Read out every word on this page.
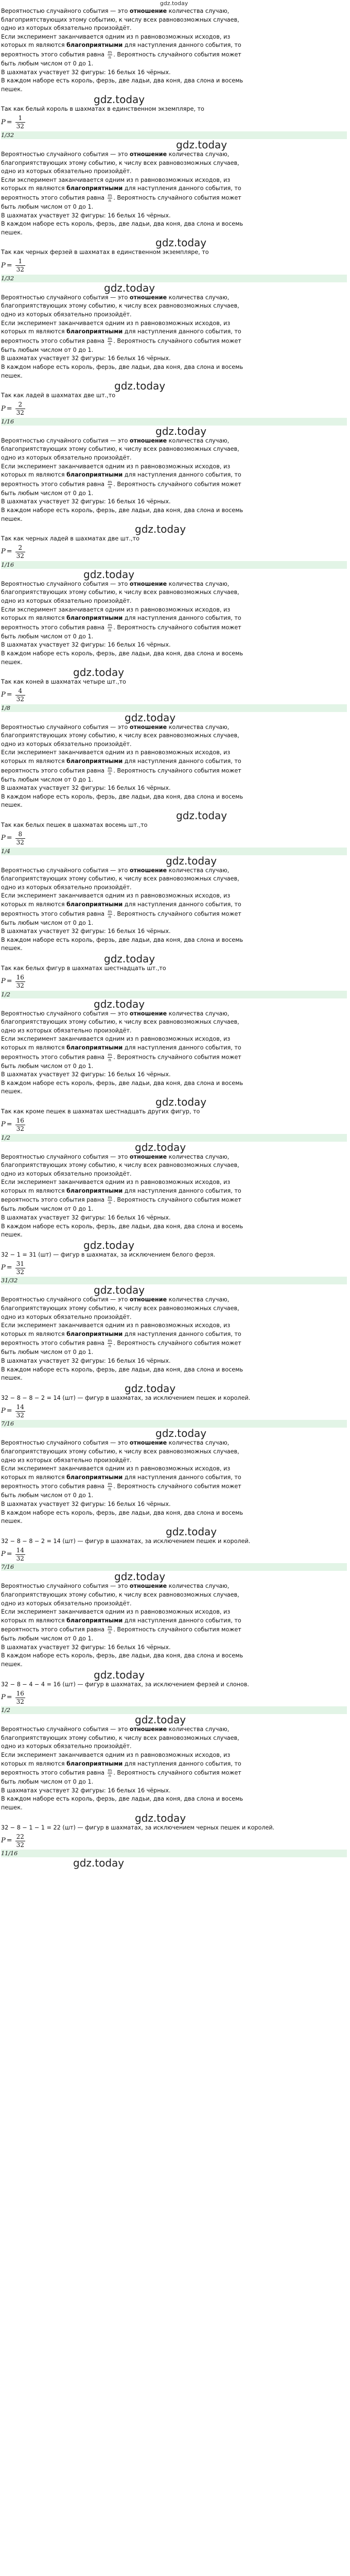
gdz.today
Вероятностью случайного события — это отношение количества случаю,
благоприятствующих этому событию, к числу всех равновозможных случаев,
одно из которых обязательно произойдёт.
Если эксперимент заканчивается одним из n равновозможных исходов, из
которых m являются благоприятными для наступления данного события, то
вероятность этого события равна $\frac{m}{n}$ . Вероятность случайного события может
быть любым числом от 0 до 1.
В шахматах участвует 32 фигуры: 16 белых 16 чёрных.
В каждом наборе есть король, ферзь, две ладьи, два коня, два слона и восемь
пешек.
gdz.today
Так как белый король в шахматах в единственном экземпляре, то
$P = \frac{1}{32}$
1/32
gdz.today
Вероятностью случайного события — это отношение количества случаю,
благоприятствующих этому событию, к числу всех равновозможных случаев,
одно из которых обязательно произойдёт.
Если эксперимент заканчивается одним из n равновозможных исходов, из
которых m являются благоприятными для наступления данного события, то
вероятность этого события равна $\frac{m}{n}$ . Вероятность случайного события может
быть любым числом от 0 до 1.
В шахматах участвует 32 фигуры: 16 белых 16 чёрных.
В каждом наборе есть король, ферзь, две ладьи, два коня, два слона и восемь
пешек.
gdz.today
Так как черных ферзей в шахматах в единственном экземпляре, то
$P = \frac{1}{32}$
1/32
gdz.today
Вероятностью случайного события — это отношение количества случаю,
благоприятствующих этому событию, к числу всех равновозможных случаев,
одно из которых обязательно произойдёт.
Если эксперимент заканчивается одним из n равновозможных исходов, из
которых m являются благоприятными для наступления данного события, то
вероятность этого события равна $\frac{m}{n}$ . Вероятность случайного события может
быть любым числом от 0 до 1.
В шахматах участвует 32 фигуры: 16 белых 16 чёрных.
В каждом наборе есть король, ферзь, две ладьи, два коня, два слона и восемь
пешек.
gdz.today
Так как ладей в шахматах две шт.,то
$P = \frac{2}{32}$
1/16
gdz.today
Вероятностью случайного события — это отношение количества случаю,
благоприятствующих этому событию, к числу всех равновозможных случаев,
одно из которых обязательно произойдёт.
Если эксперимент заканчивается одним из n равновозможных исходов, из
которых m являются благоприятными для наступления данного события, то
вероятность этого события равна $\frac{m}{n}$ . Вероятность случайного события может
быть любым числом от 0 до 1.
В шахматах участвует 32 фигуры: 16 белых 16 чёрных.
В каждом наборе есть король, ферзь, две ладьи, два коня, два слона и восемь
пешек.
gdz.today
Так как черных ладей в шахматах две шт.,то
$P = \frac{2}{32}$
1/16
gdz.today
Вероятностью случайного события — это отношение количества случаю,
благоприятствующих этому событию, к числу всех равновозможных случаев,
одно из которых обязательно произойдёт.
Если эксперимент заканчивается одним из n равновозможных исходов, из
которых m являются благоприятными для наступления данного события, то
вероятность этого события равна $\frac{m}{n}$ . Вероятность случайного события может
быть любым числом от 0 до 1.
В шахматах участвует 32 фигуры: 16 белых 16 чёрных.
В каждом наборе есть король, ферзь, две ладьи, два коня, два слона и восемь
пешек.
gdz.today
Так как коней в шахматах четыре шт.,то
$P = \frac{4}{32}$
1/8
gdz.today
Вероятностью случайного события — это отношение количества случаю,
благоприятствующих этому событию, к числу всех равновозможных случаев,
одно из которых обязательно произойдёт.
Если эксперимент заканчивается одним из n равновозможных исходов, из
которых m являются благоприятными для наступления данного события, то
вероятность этого события равна $\frac{m}{n}$ . Вероятность случайного события может
быть любым числом от 0 до 1.
В шахматах участвует 32 фигуры: 16 белых 16 чёрных.
В каждом наборе есть король, ферзь, две ладьи, два коня, два слона и восемь
пешек.
gdz.today
Так как белых пешек в шахматах восемь шт.,то
$P = \frac{8}{32}$
1/4
gdz.today
Вероятностью случайного события — это отношение количества случаю,
благоприятствующих этому событию, к числу всех равновозможных случаев,
одно из которых обязательно произойдёт.
Если эксперимент заканчивается одним из n равновозможных исходов, из
которых m являются благоприятными для наступления данного события, то
вероятность этого события равна $\frac{m}{n}$ . Вероятность случайного события может
быть любым числом от 0 до 1.
В шахматах участвует 32 фигуры: 16 белых 16 чёрных.
В каждом наборе есть король, ферзь, две ладьи, два коня, два слона и восемь
пешек.
gdz.today
Так как белых фигур в шахматах шестнадцать шт.,то
$P = \frac{16}{32}$
1/2
gdz.today
Вероятностью случайного события — это отношение количества случаю,
благоприятствующих этому событию, к числу всех равновозможных случаев,
одно из которых обязательно произойдёт.
Если эксперимент заканчивается одним из n равновозможных исходов, из
которых m являются благоприятными для наступления данного события, то
вероятность этого события равна $\frac{m}{n}$ . Вероятность случайного события может
быть любым числом от 0 до 1.
В шахматах участвует 32 фигуры: 16 белых 16 чёрных.
В каждом наборе есть король, ферзь, две ладьи, два коня, два слона и восемь
пешек.
gdz.today
Так как кроме пешек в шахматах шестнадцать других фигур, то
$P = \frac{16}{32}$
1/2
gdz.today
Вероятностью случайного события — это отношение количества случаю,
благоприятствующих этому событию, к числу всех равновозможных случаев,
одно из которых обязательно произойдёт.
Если эксперимент заканчивается одним из n равновозможных исходов, из
которых m являются благоприятными для наступления данного события, то
вероятность этого события равна $\frac{m}{n}$ . Вероятность случайного события может
быть любым числом от 0 до 1.
В шахматах участвует 32 фигуры: 16 белых 16 чёрных.
В каждом наборе есть король, ферзь, две ладьи, два коня, два слона и восемь
пешек.
gdz.today
32 − 1 = 31 (шт) — фигур в шахматах, за исключением белого ферзя.
$P = \frac{31}{32}$
31/32
gdz.today
Вероятностью случайного события — это отношение количества случаю,
благоприятствующих этому событию, к числу всех равновозможных случаев,
одно из которых обязательно произойдёт.
Если эксперимент заканчивается одним из n равновозможных исходов, из
которых m являются благоприятными для наступления данного события, то
вероятность этого события равна $\frac{m}{n}$ . Вероятность случайного события может
быть любым числом от 0 до 1.
В шахматах участвует 32 фигуры: 16 белых 16 чёрных.
В каждом наборе есть король, ферзь, две ладьи, два коня, два слона и восемь
пешек.
gdz.today
32 − 8 − 8 − 2 = 14 (шт) — фигур в шахматах, за исключением пешек и королей.
$P = \frac{14}{32}$
7/16
gdz.today
Вероятностью случайного события — это отношение количества случаю,
благоприятствующих этому событию, к числу всех равновозможных случаев,
одно из которых обязательно произойдёт.
Если эксперимент заканчивается одним из n равновозможных исходов, из
которых m являются благоприятными для наступления данного события, то
вероятность этого события равна $\frac{m}{n}$ . Вероятность случайного события может
быть любым числом от 0 до 1.
В шахматах участвует 32 фигуры: 16 белых 16 чёрных.
В каждом наборе есть король, ферзь, две ладьи, два коня, два слона и восемь
пешек.
gdz.today
32 − 8 − 8 − 2 = 14 (шт) — фигур в шахматах, за исключением пешек и королей.
$P = \frac{14}{32}$
7/16
gdz.today
Вероятностью случайного события — это отношение количества случаю,
благоприятствующих этому событию, к числу всех равновозможных случаев,
одно из которых обязательно произойдёт.
Если эксперимент заканчивается одним из n равновозможных исходов, из
которых m являются благоприятными для наступления данного события, то
вероятность этого события равна $\frac{m}{n}$ . Вероятность случайного события может
быть любым числом от 0 до 1.
В шахматах участвует 32 фигуры: 16 белых 16 чёрных.
В каждом наборе есть король, ферзь, две ладьи, два коня, два слона и восемь
пешек.
gdz.today
32 − 8 − 4 − 4 = 16 (шт) — фигур в шахматах, за исключением ферзей и слонов.
$P = \frac{16}{32}$
1/2
gdz.today
Вероятностью случайного события — это отношение количества случаю,
благоприятствующих этому событию, к числу всех равновозможных случаев,
одно из которых обязательно произойдёт.
Если эксперимент заканчивается одним из n равновозможных исходов, из
которых m являются благоприятными для наступления данного события, то
вероятность этого события равна $\frac{m}{n}$ . Вероятность случайного события может
быть любым числом от 0 до 1.
В шахматах участвует 32 фигуры: 16 белых 16 чёрных.
В каждом наборе есть король, ферзь, две ладьи, два коня, два слона и восемь
пешек.
gdz.today
32 − 8 − 1 − 1 = 22 (шт) — фигур в шахматах, за исключением черных пешек и королей.
$P = \frac{22}{32}$
11/16
gdz.today
